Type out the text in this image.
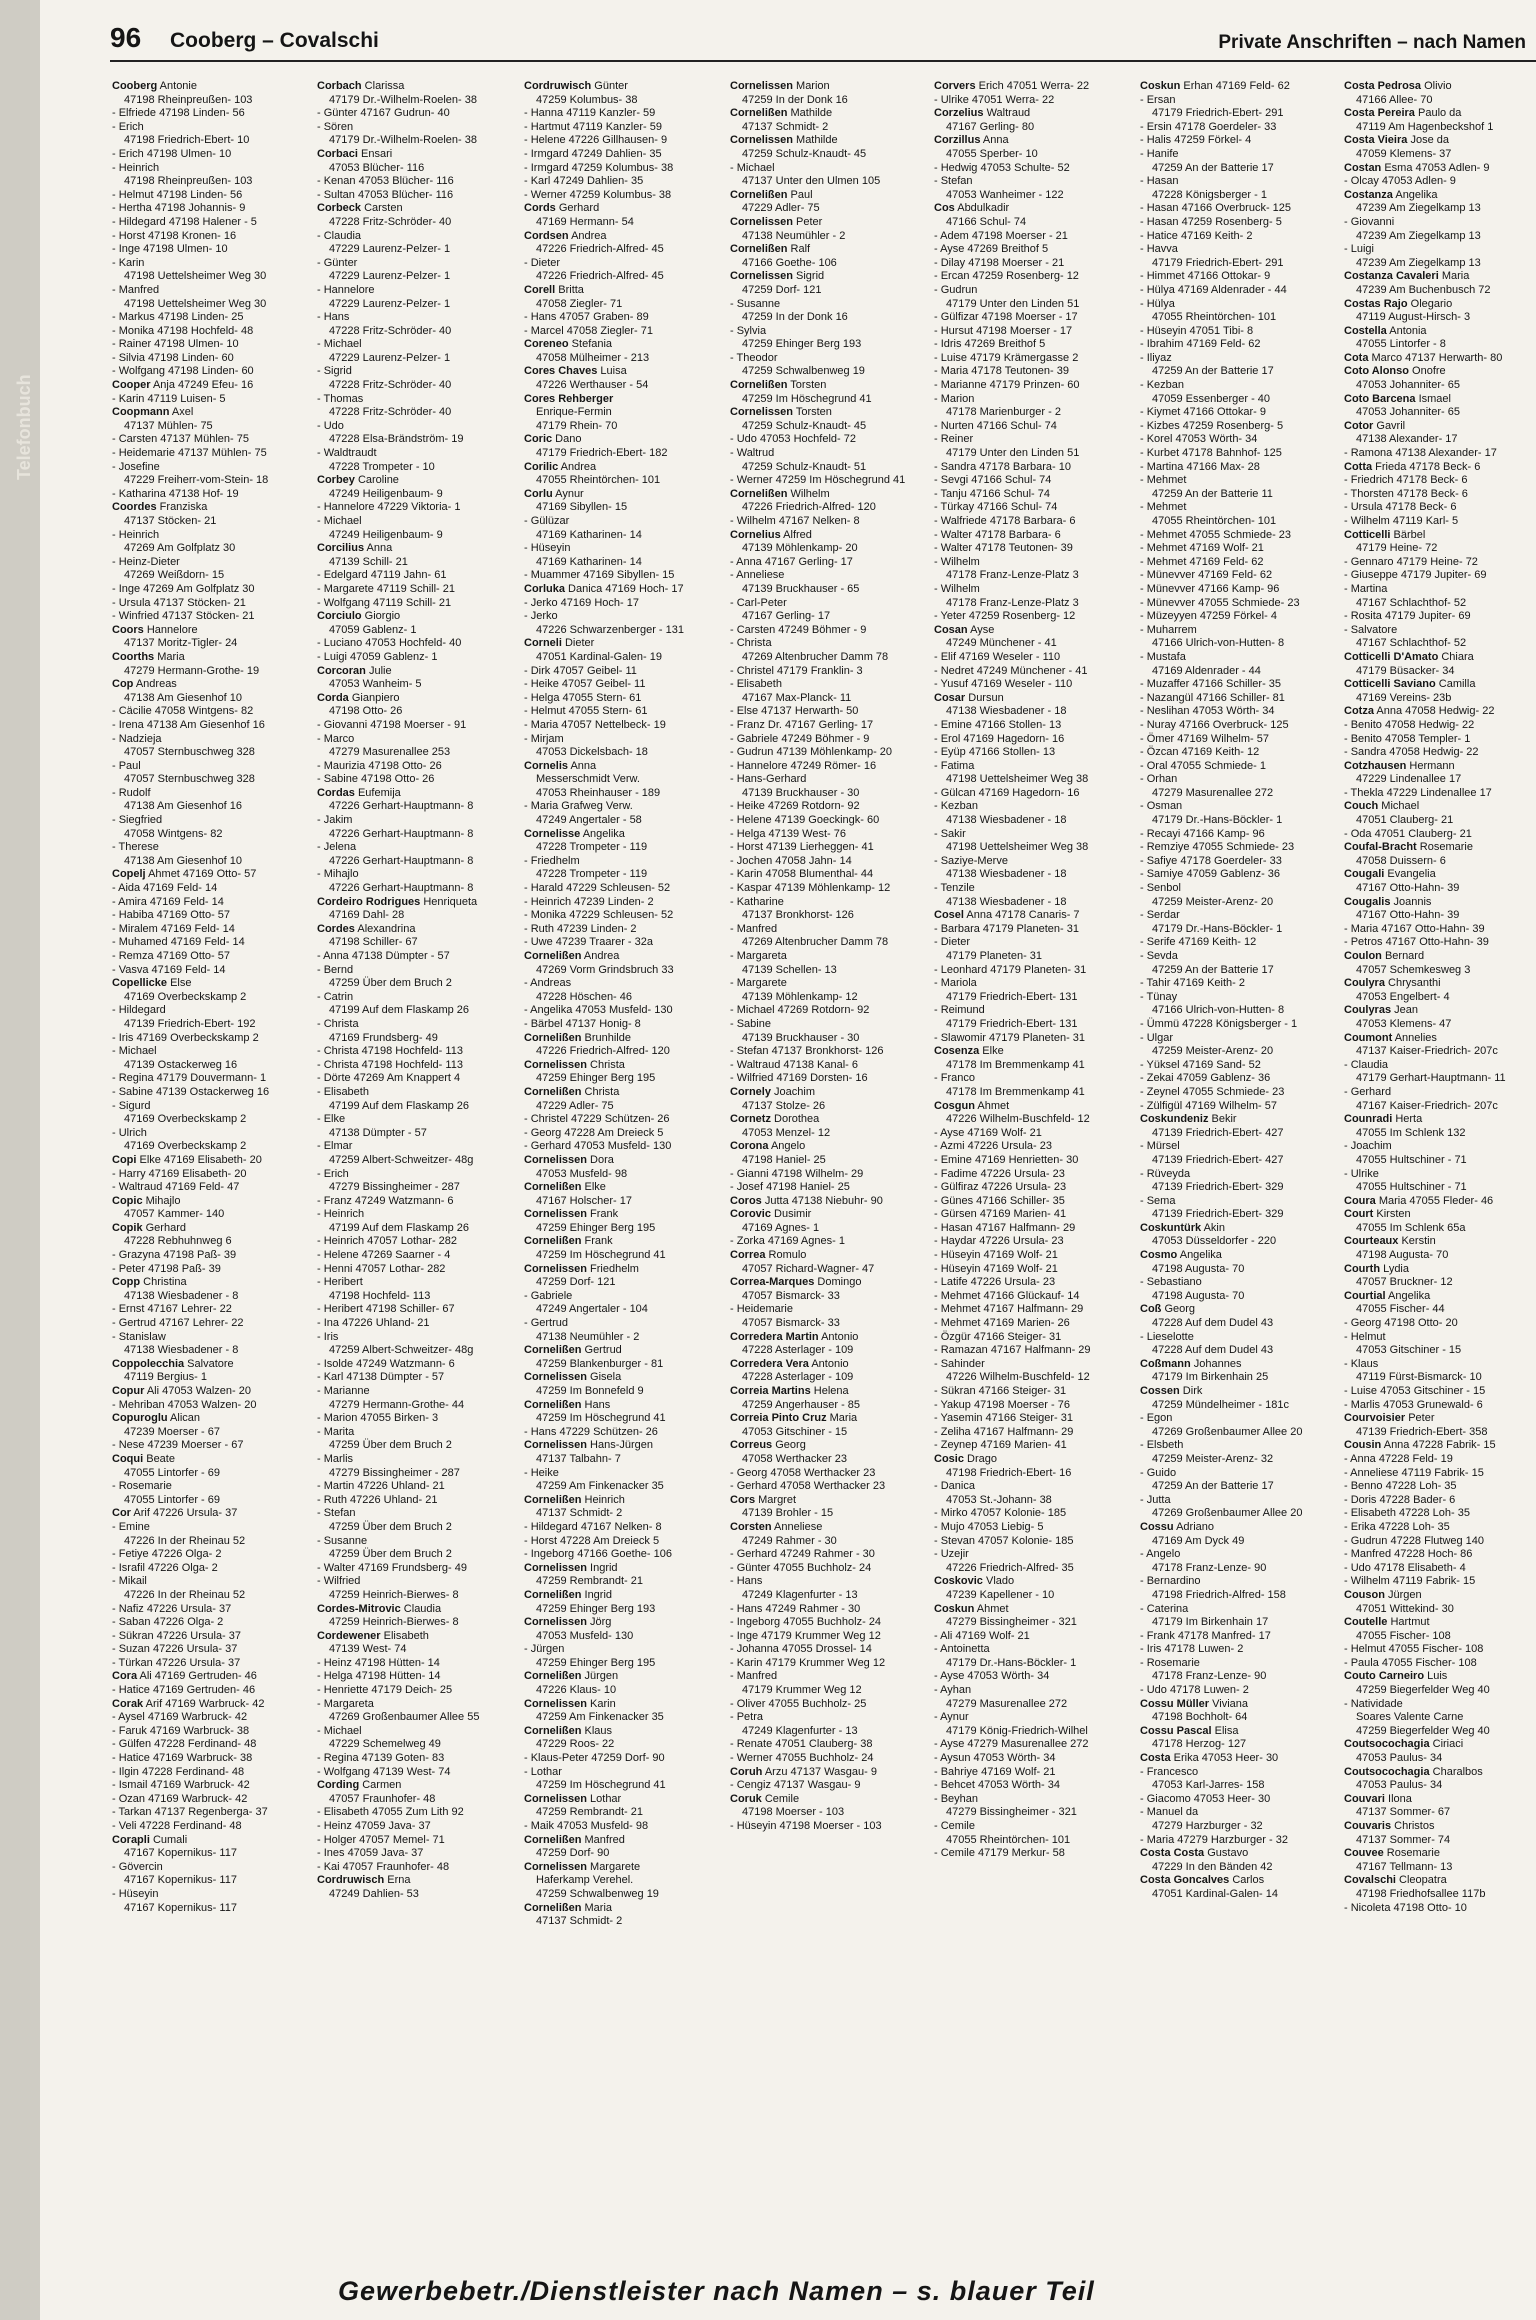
Telefonbuch
96 Cooberg – Covalschi	Private Anschriften – nach Namen
Cooberg Antonie
47198 Rheinpreußen- 103
- Elfriede 47198 Linden- 56
- Erich
47198 Friedrich-Ebert- 10
- Erich 47198 Ulmen- 10
- Heinrich
47198 Rheinpreußen- 103
- Helmut 47198 Linden- 56
- Hertha 47198 Johannis- 9
- Hildegard 47198 Halener - 5
- Horst 47198 Kronen- 16
- Inge 47198 Ulmen- 10
- Karin
47198 Uettelsheimer Weg 30
- Manfred
47198 Uettelsheimer Weg 30
- Markus 47198 Linden- 25
- Monika 47198 Hochfeld- 48
- Rainer 47198 Ulmen- 10
- Silvia 47198 Linden- 60
- Wolfgang 47198 Linden- 60
Cooper Anja 47249 Efeu- 16
- Karin 47119 Luisen- 5
Coopmann Axel
47137 Mühlen- 75
- Carsten 47137 Mühlen- 75
- Heidemarie 47137 Mühlen- 75
- Josefine
47229 Freiherr-vom-Stein- 18
- Katharina 47138 Hof- 19
Coordes Franziska
47137 Stöcken- 21
- Heinrich
47269 Am Golfplatz 30
- Heinz-Dieter
47269 Weißdorn- 15
- Inge 47269 Am Golfplatz 30
- Ursula 47137 Stöcken- 21
- Winfried 47137 Stöcken- 21
Coors Hannelore
47137 Moritz-Tigler- 24
Coorths Maria
47279 Hermann-Grothe- 19
Cop Andreas
47138 Am Giesenhof 10
- Cäcilie 47058 Wintgens- 82
- Irena 47138 Am Giesenhof 16
- Nadzieja
47057 Sternbuschweg 328
- Paul
47057 Sternbuschweg 328
- Rudolf
47138 Am Giesenhof 16
- Siegfried
47058 Wintgens- 82
- Therese
47138 Am Giesenhof 10
Copelj Ahmet 47169 Otto- 57
- Aida 47169 Feld- 14
- Amira 47169 Feld- 14
- Habiba 47169 Otto- 57
- Miralem 47169 Feld- 14
- Muhamed 47169 Feld- 14
- Remza 47169 Otto- 57
- Vasva 47169 Feld- 14
Copellicke Else
47169 Overbeckskamp 2
- Hildegard
47139 Friedrich-Ebert- 192
- Iris 47169 Overbeckskamp 2
- Michael
47139 Ostackerweg 16
- Regina 47179 Douvermann- 1
- Sabine 47139 Ostackerweg 16
- Sigurd
47169 Overbeckskamp 2
- Ulrich
47169 Overbeckskamp 2
Copi Elke 47169 Elisabeth- 20
- Harry 47169 Elisabeth- 20
- Waltraud 47169 Feld- 47
Copic Mihajlo
47057 Kammer- 140
Copik Gerhard
47228 Rebhuhnweg 6
- Grazyna 47198 Paß- 39
- Peter 47198 Paß- 39
Copp Christina
47138 Wiesbadener - 8
- Ernst 47167 Lehrer- 22
- Gertrud 47167 Lehrer- 22
- Stanislaw
47138 Wiesbadener - 8
Coppolecchia Salvatore
47119 Bergius- 1
Copur Ali 47053 Walzen- 20
- Mehriban 47053 Walzen- 20
Copuroglu Alican
47239 Moerser - 67
- Nese 47239 Moerser - 67
Coqui Beate
47055 Lintorfer - 69
- Rosemarie
47055 Lintorfer - 69
Cor Arif 47226 Ursula- 37
- Emine
47226 In der Rheinau 52
- Fetiye 47226 Olga- 2
- Israfil 47226 Olga- 2
- Mikail
47226 In der Rheinau 52
- Nafiz 47226 Ursula- 37
- Saban 47226 Olga- 2
- Sükran 47226 Ursula- 37
- Suzan 47226 Ursula- 37
- Türkan 47226 Ursula- 37
Cora Ali 47169 Gertruden- 46
- Hatice 47169 Gertruden- 46
Corak Arif 47169 Warbruck- 42
- Aysel 47169 Warbruck- 42
- Faruk 47169 Warbruck- 38
- Gülfen 47228 Ferdinand- 48
- Hatice 47169 Warbruck- 38
- Ilgin 47228 Ferdinand- 48
- Ismail 47169 Warbruck- 42
- Ozan 47169 Warbruck- 42
- Tarkan 47137 Regenberga- 37
- Veli 47228 Ferdinand- 48
Corapli Cumali
47167 Kopernikus- 117
- Gövercin
47167 Kopernikus- 117
- Hüseyin
47167 Kopernikus- 117
Corbach Clarissa
47179 Dr.-Wilhelm-Roelen- 38
- Günter 47167 Gudrun- 40
- Sören
47179 Dr.-Wilhelm-Roelen- 38
Corbaci Ensari
47053 Blücher- 116
- Kenan 47053 Blücher- 116
- Sultan 47053 Blücher- 116
Corbeck Carsten
47228 Fritz-Schröder- 40
- Claudia
47229 Laurenz-Pelzer- 1
- Günter
47229 Laurenz-Pelzer- 1
- Hannelore
47229 Laurenz-Pelzer- 1
- Hans
47228 Fritz-Schröder- 40
- Michael
47229 Laurenz-Pelzer- 1
- Sigrid
47228 Fritz-Schröder- 40
- Thomas
47228 Fritz-Schröder- 40
- Udo
47228 Elsa-Brändström- 19
- Waldtraudt
47228 Trompeter - 10
Corbey Caroline
47249 Heiligenbaum- 9
- Hannelore 47229 Viktoria- 1
- Michael
47249 Heiligenbaum- 9
Corcilius Anna
47139 Schill- 21
- Edelgard 47119 Jahn- 61
- Margarete 47119 Schill- 21
- Wolfgang 47119 Schill- 21
Corciulo Giorgio
47059 Gablenz- 1
- Luciano 47053 Hochfeld- 40
- Luigi 47059 Gablenz- 1
Corcoran Julie
47053 Wanheim- 5
Corda Gianpiero
47198 Otto- 26
- Giovanni 47198 Moerser - 91
- Marco
47279 Masurenallee 253
- Maurizia 47198 Otto- 26
- Sabine 47198 Otto- 26
Cordas Eufemija
47226 Gerhart-Hauptmann- 8
- Jakim
47226 Gerhart-Hauptmann- 8
- Jelena
47226 Gerhart-Hauptmann- 8
- Mihajlo
47226 Gerhart-Hauptmann- 8
Cordeiro Rodrigues Henriqueta
47169 Dahl- 28
Cordes Alexandrina
47198 Schiller- 67
- Anna 47138 Dümpter - 57
- Bernd
47259 Über dem Bruch 2
- Catrin
47199 Auf dem Flaskamp 26
- Christa
47169 Frundsberg- 49
- Christa 47198 Hochfeld- 113
- Christa 47198 Hochfeld- 113
- Dörte 47269 Am Knappert 4
- Elisabeth
47199 Auf dem Flaskamp 26
- Elke
47138 Dümpter - 57
- Elmar
47259 Albert-Schweitzer- 48g
- Erich
47279 Bissingheimer - 287
- Franz 47249 Watzmann- 6
- Heinrich
47199 Auf dem Flaskamp 26
- Heinrich 47057 Lothar- 282
- Helene 47269 Saarner - 4
- Henni 47057 Lothar- 282
- Heribert
47198 Hochfeld- 113
- Heribert 47198 Schiller- 67
- Ina 47226 Uhland- 21
- Iris
47259 Albert-Schweitzer- 48g
- Isolde 47249 Watzmann- 6
- Karl 47138 Dümpter - 57
- Marianne
47279 Hermann-Grothe- 44
- Marion 47055 Birken- 3
- Marita
47259 Über dem Bruch 2
- Marlis
47279 Bissingheimer - 287
- Martin 47226 Uhland- 21
- Ruth 47226 Uhland- 21
- Stefan
47259 Über dem Bruch 2
- Susanne
47259 Über dem Bruch 2
- Walter 47169 Frundsberg- 49
- Wilfried
47259 Heinrich-Bierwes- 8
Cordes-Mitrovic Claudia
47259 Heinrich-Bierwes- 8
Cordewener Elisabeth
47139 West- 74
- Heinz 47198 Hütten- 14
- Helga 47198 Hütten- 14
- Henriette 47179 Deich- 25
- Margareta
47269 Großenbaumer Allee 55
- Michael
47229 Schemelweg 49
- Regina 47139 Goten- 83
- Wolfgang 47139 West- 74
Cording Carmen
47057 Fraunhofer- 48
- Elisabeth 47055 Zum Lith 92
- Heinz 47059 Java- 37
- Holger 47057 Memel- 71
- Ines 47059 Java- 37
- Kai 47057 Fraunhofer- 48
Cordruwisch Erna
47249 Dahlien- 53
Cordruwisch Günter
47259 Kolumbus- 38
- Hanna 47119 Kanzler- 59
- Hartmut 47119 Kanzler- 59
- Helene 47226 Gillhausen- 9
- Irmgard 47249 Dahlien- 35
- Irmgard 47259 Kolumbus- 38
- Karl 47249 Dahlien- 35
- Werner 47259 Kolumbus- 38
Cords Gerhard
47169 Hermann- 54
Cordsen Andrea
47226 Friedrich-Alfred- 45
- Dieter
47226 Friedrich-Alfred- 45
Corell Britta
47058 Ziegler- 71
- Hans 47057 Graben- 89
- Marcel 47058 Ziegler- 71
Coreneo Stefania
47058 Mülheimer - 213
Cores Chaves Luisa
47226 Werthauser - 54
Cores Rehberger
Enrique-Fermin
47179 Rhein- 70
Coric Dano
47179 Friedrich-Ebert- 182
Corilic Andrea
47055 Rheintörchen- 101
Corlu Aynur
47169 Sibyllen- 15
- Gülüzar
47169 Katharinen- 14
- Hüseyin
47169 Katharinen- 14
- Muammer 47169 Sibyllen- 15
Corluka Danica 47169 Hoch- 17
- Jerko 47169 Hoch- 17
- Jerko
47226 Schwarzenberger - 131
Corneli Dieter
47051 Kardinal-Galen- 19
- Dirk 47057 Geibel- 11
- Heike 47057 Geibel- 11
- Helga 47055 Stern- 61
- Helmut 47055 Stern- 61
- Maria 47057 Nettelbeck- 19
- Mirjam
47053 Dickelsbach- 18
Cornelis Anna
Messerschmidt Verw.
47053 Rheinhauser - 189
- Maria Grafweg Verw.
47249 Angertaler - 58
Cornelisse Angelika
47228 Trompeter - 119
- Friedhelm
47228 Trompeter - 119
- Harald 47229 Schleusen- 52
- Heinrich 47239 Linden- 2
- Monika 47229 Schleusen- 52
- Ruth 47239 Linden- 2
- Uwe 47239 Traarer - 32a
Cornelißen Andrea
47269 Vorm Grindsbruch 33
- Andreas
47228 Höschen- 46
- Angelika 47053 Musfeld- 130
- Bärbel 47137 Honig- 8
Cornelißen Brunhilde
47226 Friedrich-Alfred- 120
Cornelissen Christa
47259 Ehinger Berg 195
Cornelißen Christa
47229 Adler- 75
- Christel 47229 Schützen- 26
- Georg 47228 Am Dreieck 5
- Gerhard 47053 Musfeld- 130
Cornelissen Dora
47053 Musfeld- 98
Cornelißen Elke
47167 Holscher- 17
Cornelissen Frank
47259 Ehinger Berg 195
Cornelißen Frank
47259 Im Höschegrund 41
Cornelissen Friedhelm
47259 Dorf- 121
- Gabriele
47249 Angertaler - 104
- Gertrud
47138 Neumühler - 2
Cornelißen Gertrud
47259 Blankenburger - 81
Cornelissen Gisela
47259 Im Bonnefeld 9
Cornelißen Hans
47259 Im Höschegrund 41
- Hans 47229 Schützen- 26
Cornelissen Hans-Jürgen
47137 Talbahn- 7
- Heike
47259 Am Finkenacker 35
Cornelißen Heinrich
47137 Schmidt- 2
- Hildegard 47167 Nelken- 8
- Horst 47228 Am Dreieck 5
- Ingeborg 47166 Goethe- 106
Cornelissen Ingrid
47259 Rembrandt- 21
Cornelißen Ingrid
47259 Ehinger Berg 193
Cornelissen Jörg
47053 Musfeld- 130
- Jürgen
47259 Ehinger Berg 195
Cornelißen Jürgen
47226 Klaus- 10
Cornelissen Karin
47259 Am Finkenacker 35
Cornelißen Klaus
47229 Roos- 22
- Klaus-Peter 47259 Dorf- 90
- Lothar
47259 Im Höschegrund 41
Cornelissen Lothar
47259 Rembrandt- 21
- Maik 47053 Musfeld- 98
Cornelißen Manfred
47259 Dorf- 90
Cornelissen Margarete
Haferkamp Verehel.
47259 Schwalbenweg 19
Cornelißen Maria
47137 Schmidt- 2
Cornelissen Marion
47259 In der Donk 16
Cornelißen Mathilde
47137 Schmidt- 2
Cornelissen Mathilde
47259 Schulz-Knaudt- 45
- Michael
47137 Unter den Ulmen 105
Cornelißen Paul
47229 Adler- 75
Cornelissen Peter
47138 Neumühler - 2
Cornelißen Ralf
47166 Goethe- 106
Cornelissen Sigrid
47259 Dorf- 121
- Susanne
47259 In der Donk 16
- Sylvia
47259 Ehinger Berg 193
- Theodor
47259 Schwalbenweg 19
Cornelißen Torsten
47259 Im Höschegrund 41
Cornelissen Torsten
47259 Schulz-Knaudt- 45
- Udo 47053 Hochfeld- 72
- Waltrud
47259 Schulz-Knaudt- 51
- Werner 47259 Im Höschegrund 41
Cornelißen Wilhelm
47226 Friedrich-Alfred- 120
- Wilhelm 47167 Nelken- 8
Cornelius Alfred
47139 Möhlenkamp- 20
- Anna 47167 Gerling- 17
- Anneliese
47139 Bruckhauser - 65
- Carl-Peter
47167 Gerling- 17
- Carsten 47249 Böhmer - 9
- Christa
47269 Altenbrucher Damm 78
- Christel 47179 Franklin- 3
- Elisabeth
47167 Max-Planck- 11
- Else 47137 Herwarth- 50
- Franz Dr. 47167 Gerling- 17
- Gabriele 47249 Böhmer - 9
- Gudrun 47139 Möhlenkamp- 20
- Hannelore 47249 Römer- 16
- Hans-Gerhard
47139 Bruckhauser - 30
- Heike 47269 Rotdorn- 92
- Helene 47139 Goeckingk- 60
- Helga 47139 West- 76
- Horst 47139 Lierheggen- 41
- Jochen 47058 Jahn- 14
- Karin 47058 Blumenthal- 44
- Kaspar 47139 Möhlenkamp- 12
- Katharine
47137 Bronkhorst- 126
- Manfred
47269 Altenbrucher Damm 78
- Margareta
47139 Schellen- 13
- Margarete
47139 Möhlenkamp- 12
- Michael 47269 Rotdorn- 92
- Sabine
47139 Bruckhauser - 30
- Stefan 47137 Bronkhorst- 126
- Waltraud 47138 Kanal- 6
- Wilfried 47169 Dorsten- 16
Cornely Joachim
47137 Stolze- 26
Cornetz Dorothea
47053 Menzel- 12
Corona Angelo
47198 Haniel- 25
- Gianni 47198 Wilhelm- 29
- Josef 47198 Haniel- 25
Coros Jutta 47138 Niebuhr- 90
Corovic Dusimir
47169 Agnes- 1
- Zorka 47169 Agnes- 1
Correa Romulo
47057 Richard-Wagner- 47
Correa-Marques Domingo
47057 Bismarck- 33
- Heidemarie
47057 Bismarck- 33
Corredera Martin Antonio
47228 Asterlager - 109
Corredera Vera Antonio
47228 Asterlager - 109
Correia Martins Helena
47259 Angerhauser - 85
Correia Pinto Cruz Maria
47053 Gitschiner - 15
Correus Georg
47058 Werthacker 23
- Georg 47058 Werthacker 23
- Gerhard 47058 Werthacker 23
Cors Margret
47139 Brohler - 15
Corsten Anneliese
47249 Rahmer - 30
- Gerhard 47249 Rahmer - 30
- Günter 47055 Buchholz- 24
- Hans
47249 Klagenfurter - 13
- Hans 47249 Rahmer - 30
- Ingeborg 47055 Buchholz- 24
- Inge 47179 Krummer Weg 12
- Johanna 47055 Drossel- 14
- Karin 47179 Krummer Weg 12
- Manfred
47179 Krummer Weg 12
- Oliver 47055 Buchholz- 25
- Petra
47249 Klagenfurter - 13
- Renate 47051 Clauberg- 38
- Werner 47055 Buchholz- 24
Coruh Arzu 47137 Wasgau- 9
- Cengiz 47137 Wasgau- 9
Coruk Cemile
47198 Moerser - 103
- Hüseyin 47198 Moerser - 103
Corvers Erich 47051 Werra- 22
- Ulrike 47051 Werra- 22
Corzelius Waltraud
47167 Gerling- 80
Corzillus Anna
47055 Sperber- 10
- Hedwig 47053 Schulte- 52
- Stefan
47053 Wanheimer - 122
Cos Abdulkadir
47166 Schul- 74
- Adem 47198 Moerser - 21
- Ayse 47269 Breithof 5
- Dilay 47198 Moerser - 21
- Ercan 47259 Rosenberg- 12
- Gudrun
47179 Unter den Linden 51
- Gülfizar 47198 Moerser - 17
- Hursut 47198 Moerser - 17
- Idris 47269 Breithof 5
- Luise 47179 Krämergasse 2
- Maria 47178 Teutonen- 39
- Marianne 47179 Prinzen- 60
- Marion
47178 Marienburger - 2
- Nurten 47166 Schul- 74
- Reiner
47179 Unter den Linden 51
- Sandra 47178 Barbara- 10
- Sevgi 47166 Schul- 74
- Tanju 47166 Schul- 74
- Türkay 47166 Schul- 74
- Walfriede 47178 Barbara- 6
- Walter 47178 Barbara- 6
- Walter 47178 Teutonen- 39
- Wilhelm
47178 Franz-Lenze-Platz 3
- Wilhelm
47178 Franz-Lenze-Platz 3
- Yeter 47259 Rosenberg- 12
Cosan Ayse
47249 Münchener - 41
- Elif 47169 Weseler - 110
- Nedret 47249 Münchener - 41
- Yusuf 47169 Weseler - 110
Cosar Dursun
47138 Wiesbadener - 18
- Emine 47166 Stollen- 13
- Erol 47169 Hagedorn- 16
- Eyüp 47166 Stollen- 13
- Fatima
47198 Uettelsheimer Weg 38
- Gülcan 47169 Hagedorn- 16
- Kezban
47138 Wiesbadener - 18
- Sakir
47198 Uettelsheimer Weg 38
- Saziye-Merve
47138 Wiesbadener - 18
- Tenzile
47138 Wiesbadener - 18
Cosel Anna 47178 Canaris- 7
- Barbara 47179 Planeten- 31
- Dieter
47179 Planeten- 31
- Leonhard 47179 Planeten- 31
- Mariola
47179 Friedrich-Ebert- 131
- Reimund
47179 Friedrich-Ebert- 131
- Slawomir 47179 Planeten- 31
Cosenza Elke
47178 Im Bremmenkamp 41
- Franco
47178 Im Bremmenkamp 41
Cosgun Ahmet
47226 Wilhelm-Buschfeld- 12
- Ayse 47169 Wolf- 21
- Azmi 47226 Ursula- 23
- Emine 47169 Henrietten- 30
- Fadime 47226 Ursula- 23
- Gülfiraz 47226 Ursula- 23
- Günes 47166 Schiller- 35
- Gürsen 47169 Marien- 41
- Hasan 47167 Halfmann- 29
- Haydar 47226 Ursula- 23
- Hüseyin 47169 Wolf- 21
- Hüseyin 47169 Wolf- 21
- Latife 47226 Ursula- 23
- Mehmet 47166 Glückauf- 14
- Mehmet 47167 Halfmann- 29
- Mehmet 47169 Marien- 26
- Özgür 47166 Steiger- 31
- Ramazan 47167 Halfmann- 29
- Sahinder
47226 Wilhelm-Buschfeld- 12
- Sükran 47166 Steiger- 31
- Yakup 47198 Moerser - 76
- Yasemin 47166 Steiger- 31
- Zeliha 47167 Halfmann- 29
- Zeynep 47169 Marien- 41
Cosic Drago
47198 Friedrich-Ebert- 16
- Danica
47053 St.-Johann- 38
- Mirko 47057 Kolonie- 185
- Mujo 47053 Liebig- 5
- Stevan 47057 Kolonie- 185
- Uzejir
47226 Friedrich-Alfred- 35
Coskovic Vlado
47239 Kapellener - 10
Coskun Ahmet
47279 Bissingheimer - 321
- Ali 47169 Wolf- 21
- Antoinetta
47179 Dr.-Hans-Böckler- 1
- Ayse 47053 Wörth- 34
- Ayhan
47279 Masurenallee 272
- Aynur
47179 König-Friedrich-Wilhel
- Ayse 47279 Masurenallee 272
- Aysun 47053 Wörth- 34
- Bahriye 47169 Wolf- 21
- Behcet 47053 Wörth- 34
- Beyhan
47279 Bissingheimer - 321
- Cemile
47055 Rheintörchen- 101
- Cemile 47179 Merkur- 58
Coskun Erhan 47169 Feld- 62
- Ersan
47179 Friedrich-Ebert- 291
- Ersin 47178 Goerdeler- 33
- Halis 47259 Förkel- 4
- Hanife
47259 An der Batterie 17
- Hasan
47228 Königsberger - 1
- Hasan 47166 Overbruck- 125
- Hasan 47259 Rosenberg- 5
- Hatice 47169 Keith- 2
- Havva
47179 Friedrich-Ebert- 291
- Himmet 47166 Ottokar- 9
- Hülya 47169 Aldenrader - 44
- Hülya
47055 Rheintörchen- 101
- Hüseyin 47051 Tibi- 8
- Ibrahim 47169 Feld- 62
- Iliyaz
47259 An der Batterie 17
- Kezban
47059 Essenberger - 40
- Kiymet 47166 Ottokar- 9
- Kizbes 47259 Rosenberg- 5
- Korel 47053 Wörth- 34
- Kurbet 47178 Bahnhof- 125
- Martina 47166 Max- 28
- Mehmet
47259 An der Batterie 11
- Mehmet
47055 Rheintörchen- 101
- Mehmet 47055 Schmiede- 23
- Mehmet 47169 Wolf- 21
- Mehmet 47169 Feld- 62
- Münevver 47169 Feld- 62
- Münevver 47166 Kamp- 96
- Münevver 47055 Schmiede- 23
- Müzeyyen 47259 Förkel- 4
- Muharrem
47166 Ulrich-von-Hutten- 8
- Mustafa
47169 Aldenrader - 44
- Muzaffer 47166 Schiller- 35
- Nazangül 47166 Schiller- 81
- Neslihan 47053 Wörth- 34
- Nuray 47166 Overbruck- 125
- Ömer 47169 Wilhelm- 57
- Özcan 47169 Keith- 12
- Oral 47055 Schmiede- 1
- Orhan
47279 Masurenallee 272
- Osman
47179 Dr.-Hans-Böckler- 1
- Recayi 47166 Kamp- 96
- Remziye 47055 Schmiede- 23
- Safiye 47178 Goerdeler- 33
- Samiye 47059 Gablenz- 36
- Senbol
47259 Meister-Arenz- 20
- Serdar
47179 Dr.-Hans-Böckler- 1
- Serife 47169 Keith- 12
- Sevda
47259 An der Batterie 17
- Tahir 47169 Keith- 2
- Tünay
47166 Ulrich-von-Hutten- 8
- Ümmü 47228 Königsberger - 1
- Ulgar
47259 Meister-Arenz- 20
- Yüksel 47169 Sand- 52
- Zekai 47059 Gablenz- 36
- Zeynel 47055 Schmiede- 23
- Zülfigül 47169 Wilhelm- 57
Coskundeniz Bekir
47139 Friedrich-Ebert- 427
- Mürsel
47139 Friedrich-Ebert- 427
- Rüveyda
47139 Friedrich-Ebert- 329
- Sema
47139 Friedrich-Ebert- 329
Coskuntürk Akin
47053 Düsseldorfer - 220
Cosmo Angelika
47198 Augusta- 70
- Sebastiano
47198 Augusta- 70
Coß Georg
47228 Auf dem Dudel 43
- Lieselotte
47228 Auf dem Dudel 43
Coßmann Johannes
47179 Im Birkenhain 25
Cossen Dirk
47259 Mündelheimer - 181c
- Egon
47269 Großenbaumer Allee 20
- Elsbeth
47259 Meister-Arenz- 32
- Guido
47259 An der Batterie 17
- Jutta
47269 Großenbaumer Allee 20
Cossu Adriano
47169 Am Dyck 49
- Angelo
47178 Franz-Lenze- 90
- Bernardino
47198 Friedrich-Alfred- 158
- Caterina
47179 Im Birkenhain 17
- Frank 47178 Manfred- 17
- Iris 47178 Luwen- 2
- Rosemarie
47178 Franz-Lenze- 90
- Udo 47178 Luwen- 2
Cossu Müller Viviana
47198 Bochholt- 64
Cossu Pascal Elisa
47178 Herzog- 127
Costa Erika 47053 Heer- 30
- Francesco
47053 Karl-Jarres- 158
- Giacomo 47053 Heer- 30
- Manuel da
47279 Harzburger - 32
- Maria 47279 Harzburger - 32
Costa Costa Gustavo
47229 In den Bänden 42
Costa Goncalves Carlos
47051 Kardinal-Galen- 14
Costa Pedrosa Olivio
47166 Allee- 70
Costa Pereira Paulo da
47119 Am Hagenbeckshof 1
Costa Vieira Jose da
47059 Klemens- 37
Costan Esma 47053 Adlen- 9
- Olcay 47053 Adlen- 9
Costanza Angelika
47239 Am Ziegelkamp 13
- Giovanni
47239 Am Ziegelkamp 13
- Luigi
47239 Am Ziegelkamp 13
Costanza Cavaleri Maria
47239 Am Buchenbusch 72
Costas Rajo Olegario
47119 August-Hirsch- 3
Costella Antonia
47055 Lintorfer - 8
Cota Marco 47137 Herwarth- 80
Coto Alonso Onofre
47053 Johanniter- 65
Coto Barcena Ismael
47053 Johanniter- 65
Cotor Gavril
47138 Alexander- 17
- Ramona 47138 Alexander- 17
Cotta Frieda 47178 Beck- 6
- Friedrich 47178 Beck- 6
- Thorsten 47178 Beck- 6
- Ursula 47178 Beck- 6
- Wilhelm 47119 Karl- 5
Cotticelli Bärbel
47179 Heine- 72
- Gennaro 47179 Heine- 72
- Giuseppe 47179 Jupiter- 69
- Martina
47167 Schlachthof- 52
- Rosita 47179 Jupiter- 69
- Salvatore
47167 Schlachthof- 52
Cotticelli D'Amato Chiara
47179 Büsacker- 34
Cotticelli Saviano Camilla
47169 Vereins- 23b
Cotza Anna 47058 Hedwig- 22
- Benito 47058 Hedwig- 22
- Benito 47058 Templer- 1
- Sandra 47058 Hedwig- 22
Cotzhausen Hermann
47229 Lindenallee 17
- Thekla 47229 Lindenallee 17
Couch Michael
47051 Clauberg- 21
- Oda 47051 Clauberg- 21
Coufal-Bracht Rosemarie
47058 Duissern- 6
Cougali Evangelia
47167 Otto-Hahn- 39
Cougalis Joannis
47167 Otto-Hahn- 39
- Maria 47167 Otto-Hahn- 39
- Petros 47167 Otto-Hahn- 39
Coulon Bernard
47057 Schemkesweg 3
Coulyra Chrysanthi
47053 Engelbert- 4
Coulyras Jean
47053 Klemens- 47
Coumont Annelies
47137 Kaiser-Friedrich- 207c
- Claudia
47179 Gerhart-Hauptmann- 11
- Gerhard
47167 Kaiser-Friedrich- 207c
Counradi Herta
47055 Im Schlenk 132
- Joachim
47055 Hultschiner - 71
- Ulrike
47055 Hultschiner - 71
Coura Maria 47055 Fleder- 46
Court Kirsten
47055 Im Schlenk 65a
Courteaux Kerstin
47198 Augusta- 70
Courth Lydia
47057 Bruckner- 12
Courtial Angelika
47055 Fischer- 44
- Georg 47198 Otto- 20
- Helmut
47053 Gitschiner - 15
- Klaus
47119 Fürst-Bismarck- 10
- Luise 47053 Gitschiner - 15
- Marlis 47053 Grunewald- 6
Courvoisier Peter
47139 Friedrich-Ebert- 358
Cousin Anna 47228 Fabrik- 15
- Anna 47228 Feld- 19
- Anneliese 47119 Fabrik- 15
- Benno 47228 Loh- 35
- Doris 47228 Bader- 6
- Elisabeth 47228 Loh- 35
- Erika 47228 Loh- 35
- Gudrun 47228 Flutweg 140
- Manfred 47228 Hoch- 86
- Udo 47178 Elisabeth- 4
- Wilhelm 47119 Fabrik- 15
Couson Jürgen
47051 Wittekind- 30
Coutelle Hartmut
47055 Fischer- 108
- Helmut 47055 Fischer- 108
- Paula 47055 Fischer- 108
Couto Carneiro Luis
47259 Biegerfelder Weg 40
- Natividade
Soares Valente Carne
47259 Biegerfelder Weg 40
Coutsocochagia Ciriaci
47053 Paulus- 34
Coutsocochagia Charalbos
47053 Paulus- 34
Couvari Ilona
47137 Sommer- 67
Couvaris Christos
47137 Sommer- 74
Couvee Rosemarie
47167 Tellmann- 13
Covalschi Cleopatra
47198 Friedhofsallee 117b
- Nicoleta 47198 Otto- 10
Gewerbebetr./Dienstleister nach Namen – s. blauer Teil
